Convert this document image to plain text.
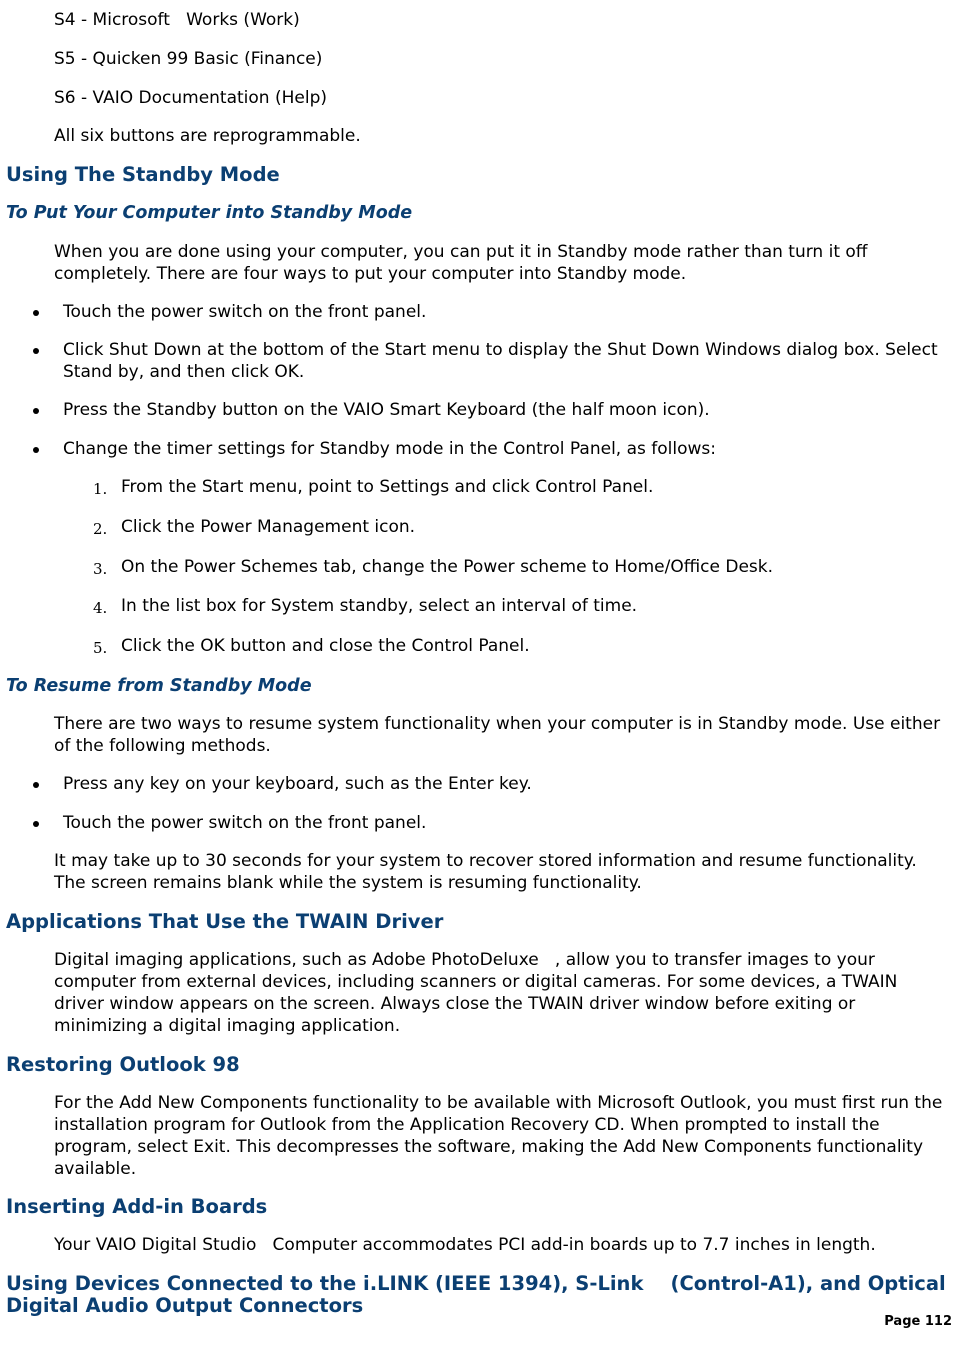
S4 - Microsoft   Works (Work)

S5 - Quicken 99 Basic (Finance)

S6 - VAIO Documentation (Help)

All six buttons are reprogrammable.

Using The Standby Mode
To Put Your Computer into Standby Mode

When you are done using your computer, you can put it in Standby mode rather than turn it off completely. There are four ways to put your computer into Standby mode.

Touch the power switch on the front panel.
Click Shut Down at the bottom of the Start menu to display the Shut Down Windows dialog box. Select Stand by, and then click OK.
Press the Standby button on the VAIO Smart Keyboard (the half moon icon).
Change the timer settings for Standby mode in the Control Panel, as follows:
1. From the Start menu, point to Settings and click Control Panel.
2. Click the Power Management icon.
3. On the Power Schemes tab, change the Power scheme to Home/Office Desk.
4. In the list box for System standby, select an interval of time.
5. Click the OK button and close the Control Panel.
To Resume from Standby Mode

There are two ways to resume system functionality when your computer is in Standby mode. Use either of the following methods.

Press any key on your keyboard, such as the Enter key.
Touch the power switch on the front panel.

It may take up to 30 seconds for your system to recover stored information and resume functionality. The screen remains blank while the system is resuming functionality.

Applications That Use the TWAIN Driver

Digital imaging applications, such as Adobe PhotoDeluxe   , allow you to transfer images to your computer from external devices, including scanners or digital cameras. For some devices, a TWAIN driver window appears on the screen. Always close the TWAIN driver window before exiting or minimizing a digital imaging application.

Restoring Outlook 98

For the Add New Components functionality to be available with Microsoft Outlook, you must first run the installation program for Outlook from the Application Recovery CD. When prompted to install the program, select Exit. This decompresses the software, making the Add New Components functionality available.

Inserting Add-in Boards

Your VAIO Digital Studio   Computer accommodates PCI add-in boards up to 7.7 inches in length.

Using Devices Connected to the i.LINK (IEEE 1394), S-Link    (Control-A1), and Optical Digital Audio Output Connectors
Page 112
